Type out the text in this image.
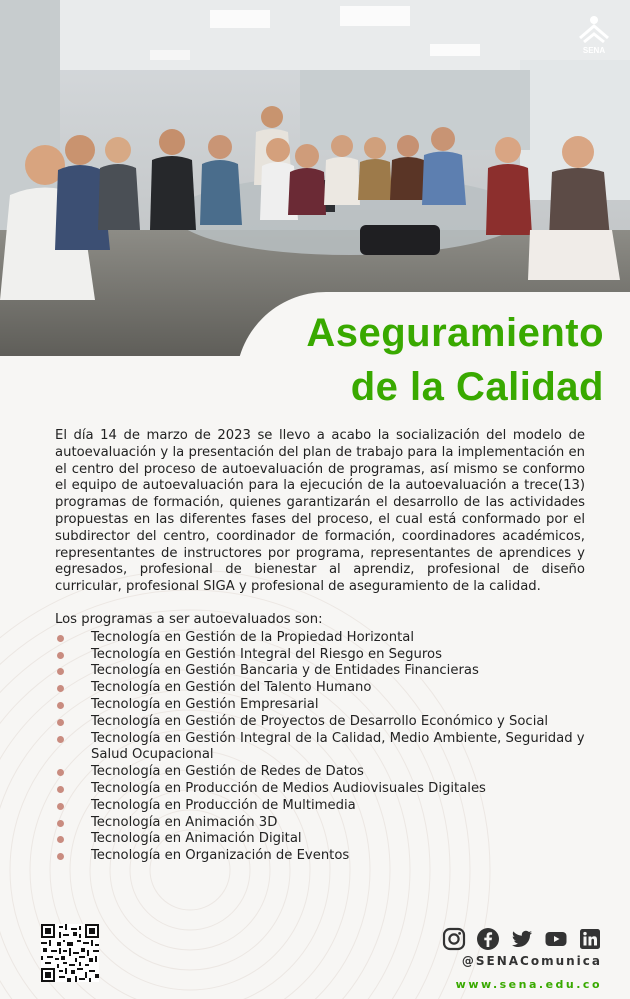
SENA
Aseguramiento
de la Calidad

El día 14 de marzo de 2023 se llevo a acabo la socialización del modelo de autoevaluación y la presentación del plan de trabajo para la implementación en el centro del proceso de autoevaluación de programas, así mismo se conformo el equipo de autoevaluación para la ejecución de la autoevaluación a trece(13) programas de formación, quienes garantizarán el desarrollo de las actividades propuestas en las diferentes fases del proceso, el cual está conformado por el subdirector del centro, coordinador de formación, coordinadores académicos, representantes de instructores por programa, representantes de aprendices y egresados, profesional de bienestar al aprendiz, profesional de diseño curricular, profesional SIGA y profesional de aseguramiento de la calidad.

Los programas a ser autoevaluados son:
Tecnología en Gestión de la Propiedad Horizontal
Tecnología en Gestión Integral del Riesgo en Seguros
Tecnología en Gestión Bancaria y de Entidades Financieras
Tecnología en Gestión del Talento Humano
Tecnología en Gestión Empresarial
Tecnología en Gestión de Proyectos de Desarrollo Económico y Social
Tecnología en Gestión Integral de la Calidad, Medio Ambiente, Seguridad y Salud Ocupacional
Tecnología en Gestión de Redes de Datos
Tecnología en Producción de Medios Audiovisuales Digitales
Tecnología en Producción de Multimedia
Tecnología en Animación 3D
Tecnología en Animación Digital
Tecnología en Organización de Eventos
@SENAComunica
www.sena.edu.co
